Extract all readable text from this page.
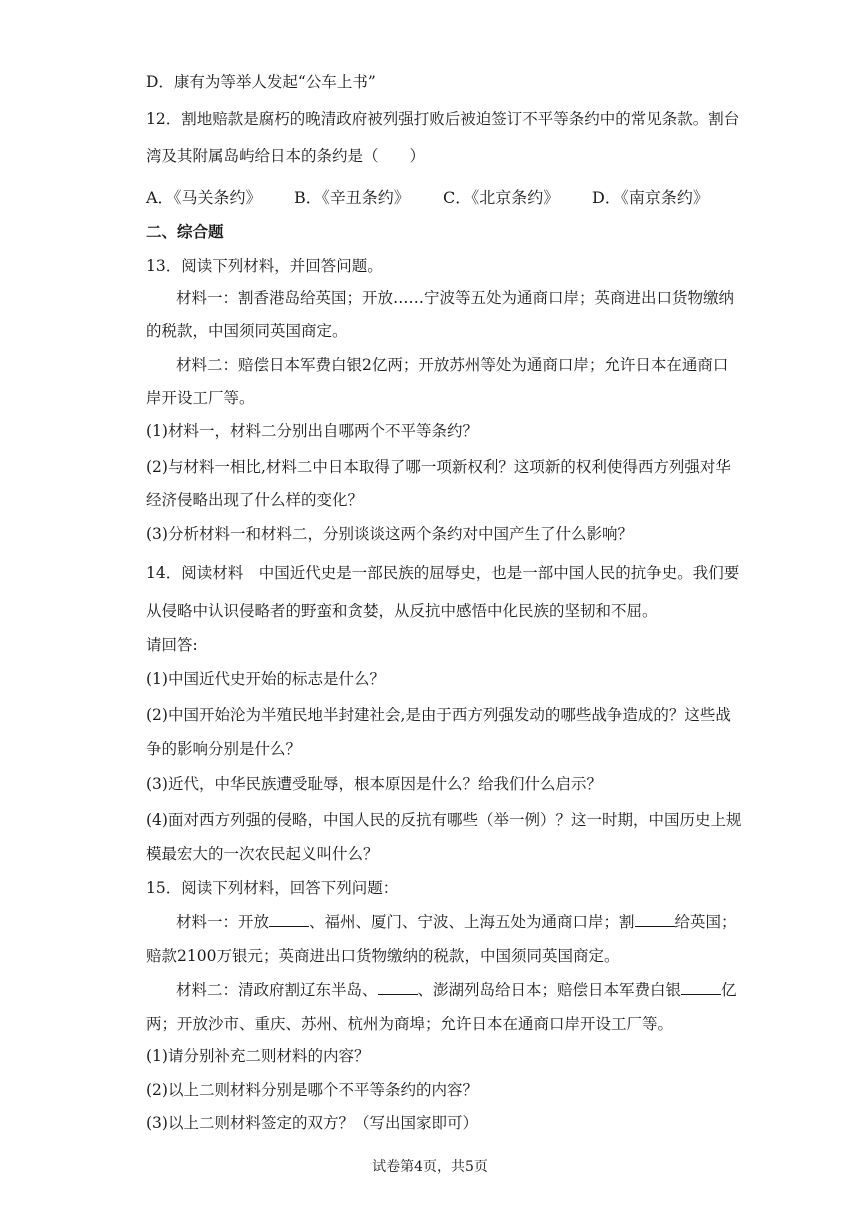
D．康有为等举人发起“公车上书”
12．割地赔款是腐朽的晚清政府被列强打败后被迫签订不平等条约中的常见条款。割台
湾及其附属岛屿给日本的条约是（　　）
A．《马关条约》 B．《辛丑条约》 C．《北京条约》 D．《南京条约》
二、综合题
13．阅读下列材料，并回答问题。
材料一：割香港岛给英国；开放……宁波等五处为通商口岸；英商进出口货物缴纳
的税款，中国须同英国商定。
材料二：赔偿日本军费白银2亿两；开放苏州等处为通商口岸；允许日本在通商口
岸开设工厂等。
(1)材料一，材料二分别出自哪两个不平等条约？
(2)与材料一相比,材料二中日本取得了哪一项新权利？这项新的权利使得西方列强对华
经济侵略出现了什么样的变化？
(3)分析材料一和材料二，分别谈谈这两个条约对中国产生了什么影响？
14．阅读材料　中国近代史是一部民族的屈辱史，也是一部中国人民的抗争史。我们要
从侵略中认识侵略者的野蛮和贪婪，从反抗中感悟中化民族的坚韧和不屈。
请回答:
(1)中国近代史开始的标志是什么？
(2)中国开始沦为半殖民地半封建社会,是由于西方列强发动的哪些战争造成的？这些战
争的影响分别是什么？
(3)近代，中华民族遭受耻辱，根本原因是什么？给我们什么启示？
(4)面对西方列强的侵略，中国人民的反抗有哪些（举一例）？这一时期，中国历史上规
模最宏大的一次农民起义叫什么？
15．阅读下列材料，回答下列问题：
材料一：开放	、福州、厦门、宁波、上海五处为通商口岸；割	给英国；
赔款2100万银元；英商进出口货物缴纳的税款，中国须同英国商定。
材料二：清政府割辽东半岛、	、澎湖列岛给日本；赔偿日本军费白银	亿
两；开放沙市、重庆、苏州、杭州为商埠；允许日本在通商口岸开设工厂等。
(1)请分别补充二则材料的内容？
(2)以上二则材料分别是哪个不平等条约的内容？
(3)以上二则材料签定的双方？（写出国家即可）
试卷第4页，共5页
